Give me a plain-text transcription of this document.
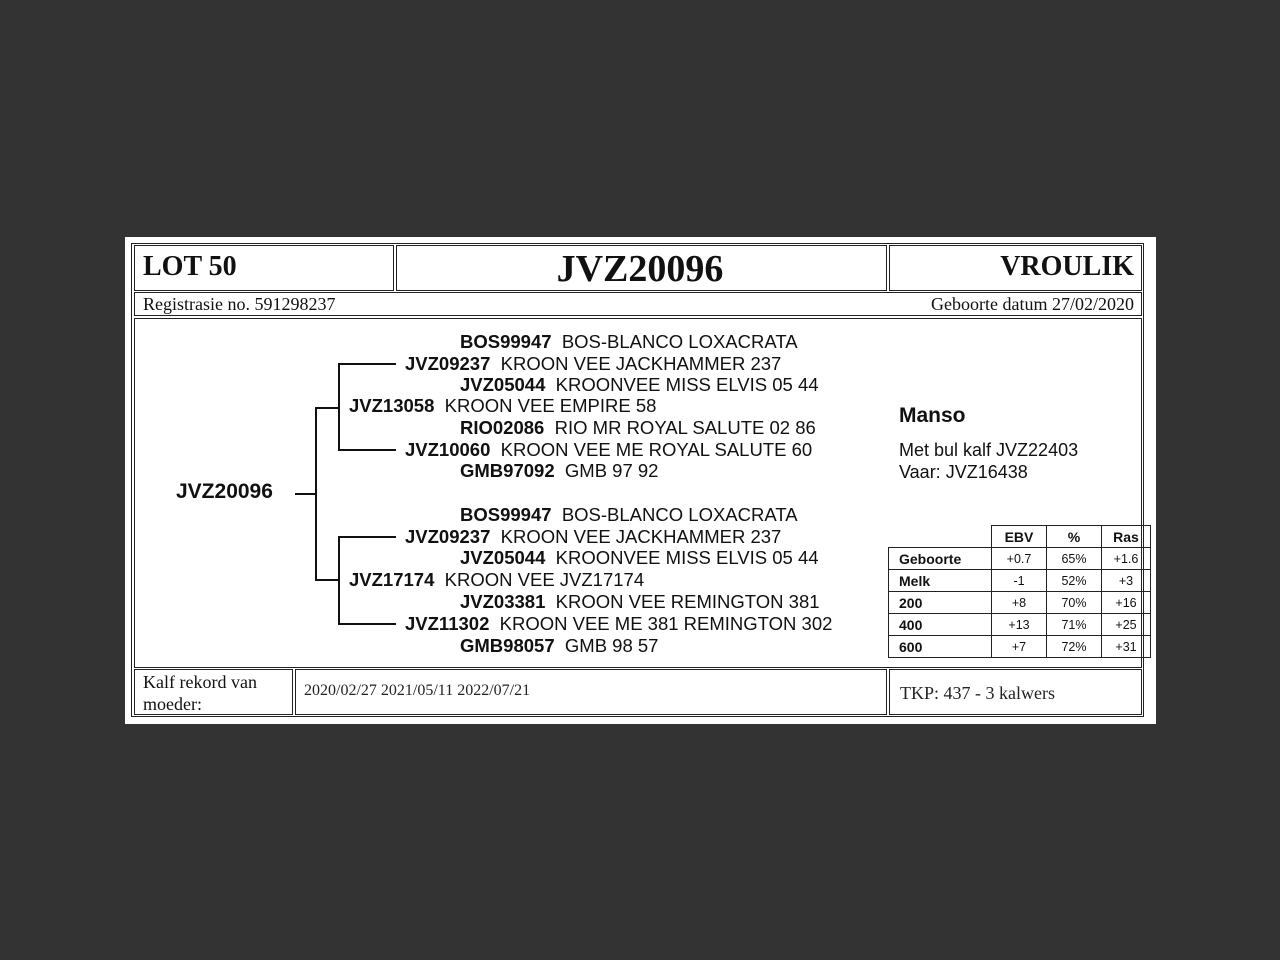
LOT 50	JVZ20096	VROULIK
Registrasie no. 591298237	Geboorte datum 27/02/2020
JVZ20096
BOS99947 BOS-BLANCO LOXACRATA
JVZ09237 KROON VEE JACKHAMMER 237
JVZ05044 KROONVEE MISS ELVIS 05 44
JVZ13058 KROON VEE EMPIRE 58
RIO02086 RIO MR ROYAL SALUTE 02 86
JVZ10060 KROON VEE ME ROYAL SALUTE 60
GMB97092 GMB 97 92
BOS99947 BOS-BLANCO LOXACRATA
JVZ09237 KROON VEE JACKHAMMER 237
JVZ05044 KROONVEE MISS ELVIS 05 44
JVZ17174 KROON VEE JVZ17174
JVZ03381 KROON VEE REMINGTON 381
JVZ11302 KROON VEE ME 381 REMINGTON 302
GMB98057 GMB 98 57
Manso
Met bul kalf JVZ22403
Vaar: JVZ16438
	EBV	%	Ras
Geboorte	+0.7	65%	+1.6
Melk	-1	52%	+3
200	+8	70%	+16
400	+13	71%	+25
600	+7	72%	+31
Kalf rekord van
moeder:
2020/02/27 2021/05/11 2022/07/21	TKP: 437 - 3 kalwers
